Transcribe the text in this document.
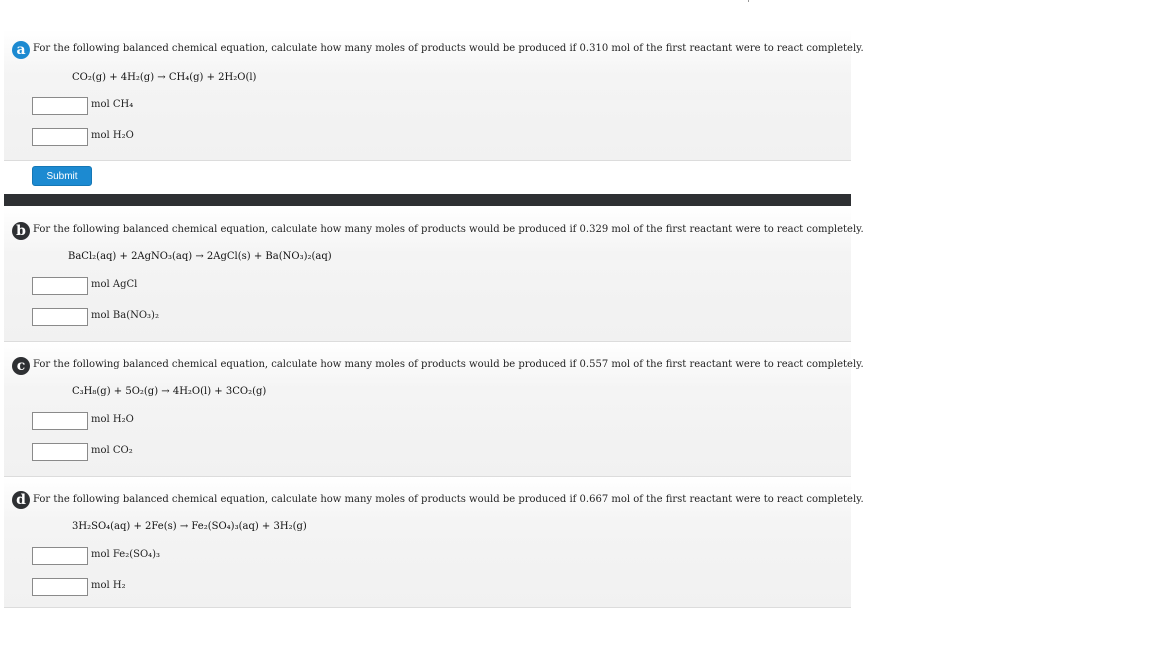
a For the following balanced chemical equation, calculate how many moles of products would be produced if 0.310 mol of the first reactant were to react completely.
CO₂(g) + 4H₂(g) → CH₄(g) + 2H₂O(l)
mol CH₄
mol H₂O
Submit
b For the following balanced chemical equation, calculate how many moles of products would be produced if 0.329 mol of the first reactant were to react completely.
BaCl₂(aq) + 2AgNO₃(aq) → 2AgCl(s) + Ba(NO₃)₂(aq)
mol AgCl
mol Ba(NO₃)₂
c For the following balanced chemical equation, calculate how many moles of products would be produced if 0.557 mol of the first reactant were to react completely.
C₃H₈(g) + 5O₂(g) → 4H₂O(l) + 3CO₂(g)
mol H₂O
mol CO₂
d For the following balanced chemical equation, calculate how many moles of products would be produced if 0.667 mol of the first reactant were to react completely.
3H₂SO₄(aq) + 2Fe(s) → Fe₂(SO₄)₃(aq) + 3H₂(g)
mol Fe₂(SO₄)₃
mol H₂
